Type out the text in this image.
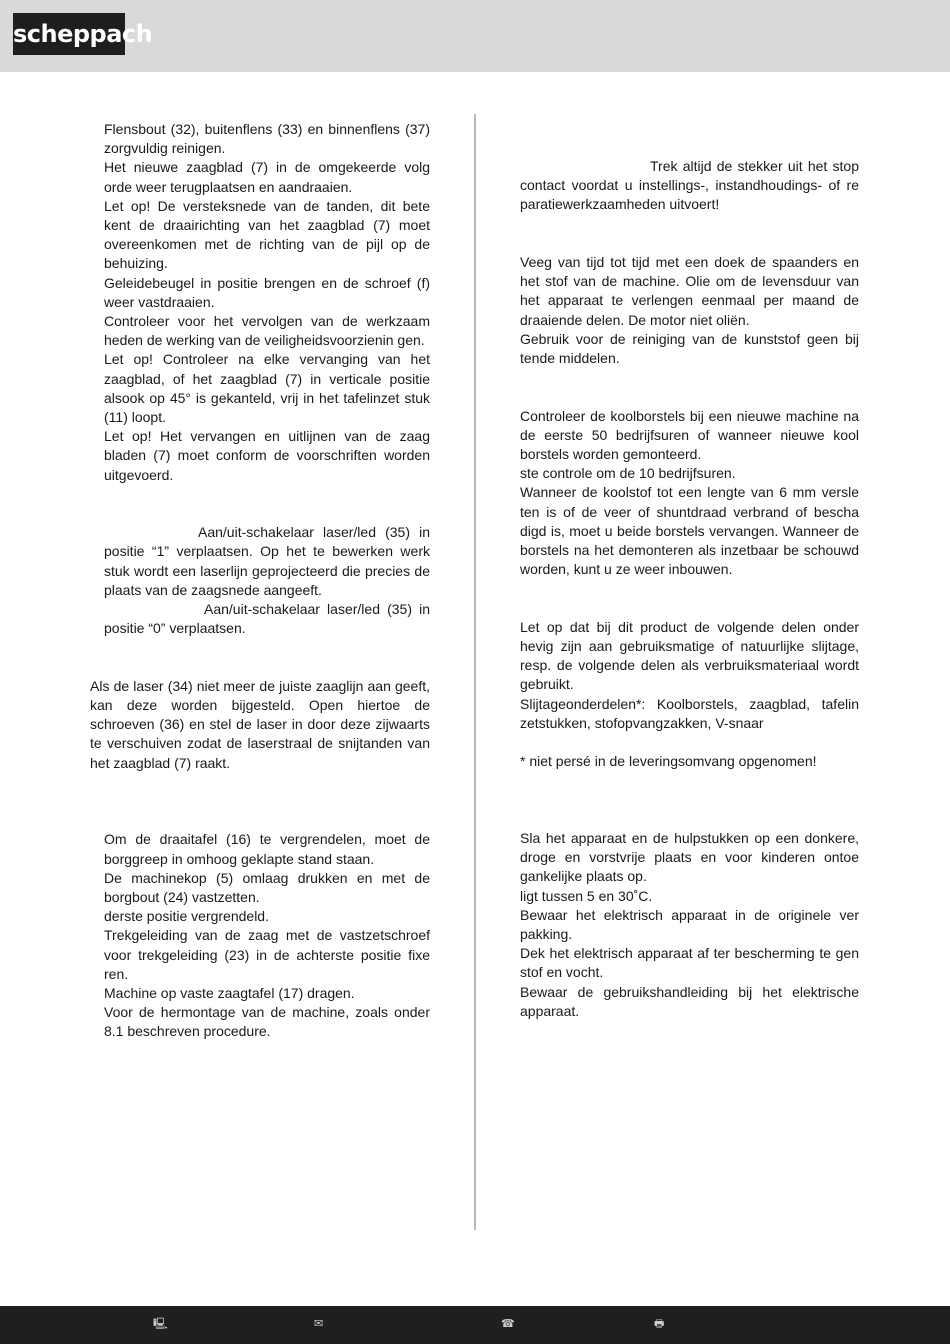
scheppach

Flensbout (32), buitenflens (33) en binnenflens (37) zorgvuldig reinigen.

Het nieuwe zaagblad (7) in de omgekeerde volg orde weer terugplaatsen en aandraaien.

Let op! De versteksnede van de tanden, dit bete kent de draairichting van het zaagblad (7) moet overeenkomen met de richting van de pijl op de behuizing.

Geleidebeugel in positie brengen en de schroef (f) weer vastdraaien.

Controleer voor het vervolgen van de werkzaam heden de werking van de veiligheidsvoorzienin gen.

Let op! Controleer na elke vervanging van het zaagblad, of het zaagblad (7) in verticale positie alsook op 45° is gekanteld, vrij in het tafelinzet stuk (11) loopt.

Let op! Het vervangen en uitlijnen van de zaag bladen (7) moet conform de voorschriften worden uitgevoerd.

Aan/uit-schakelaar laser/led (35) in positie “1” verplaatsen. Op het te bewerken werk stuk wordt een laserlijn geprojecteerd die precies de plaats van de zaagsnede aangeeft.

Aan/uit-schakelaar laser/led (35) in positie “0” verplaatsen.

Als de laser (34) niet meer de juiste zaaglijn aan geeft, kan deze worden bijgesteld. Open hiertoe de schroeven (36) en stel de laser in door deze zijwaarts te verschuiven zodat de laserstraal de snijtanden van het zaagblad (7) raakt.

Om de draaitafel (16) te vergrendelen, moet de borggreep in omhoog geklapte stand staan.

De machinekop (5) omlaag drukken en met de borgbout (24) vastzetten.

derste positie vergrendeld.

Trekgeleiding van de zaag met de vastzetschroef voor trekgeleiding (23) in de achterste positie fixe ren.

Machine op vaste zaagtafel (17) dragen.

Voor de hermontage van de machine, zoals onder 8.1 beschreven procedure.

Trek altijd de stekker uit het stop contact voordat u instellings-, instandhoudings- of re paratiewerkzaamheden uitvoert!

Veeg van tijd tot tijd met een doek de spaanders en het stof van de machine. Olie om de levensduur van het apparaat te verlengen eenmaal per maand de draaiende delen. De motor niet oliën.

Gebruik voor de reiniging van de kunststof geen bij tende middelen.

Controleer de koolborstels bij een nieuwe machine na de eerste 50 bedrijfsuren of wanneer nieuwe kool borstels worden gemonteerd.

ste controle om de 10 bedrijfsuren.

Wanneer de koolstof tot een lengte van 6 mm versle ten is of de veer of shuntdraad verbrand of bescha digd is, moet u beide borstels vervangen. Wanneer de borstels na het demonteren als inzetbaar be schouwd worden, kunt u ze weer inbouwen.

Let op dat bij dit product de volgende delen onder hevig zijn aan gebruiksmatige of natuurlijke slijtage, resp. de volgende delen als verbruiksmateriaal wordt gebruikt.

Slijtageonderdelen*: Koolborstels, zaagblad, tafelin zetstukken, stofopvangzakken, V-snaar

* niet persé in de leveringsomvang opgenomen!

Sla het apparaat en de hulpstukken op een donkere, droge en vorstvrije plaats en voor kinderen ontoe gankelijke plaats op.

ligt tussen 5 en 30˚C.

Bewaar het elektrisch apparaat in de originele ver pakking.

Dek het elektrisch apparaat af ter bescherming te gen stof en vocht.

Bewaar de gebruikshandleiding bij het elektrische apparaat.

🖳	✉	☎	🖶
